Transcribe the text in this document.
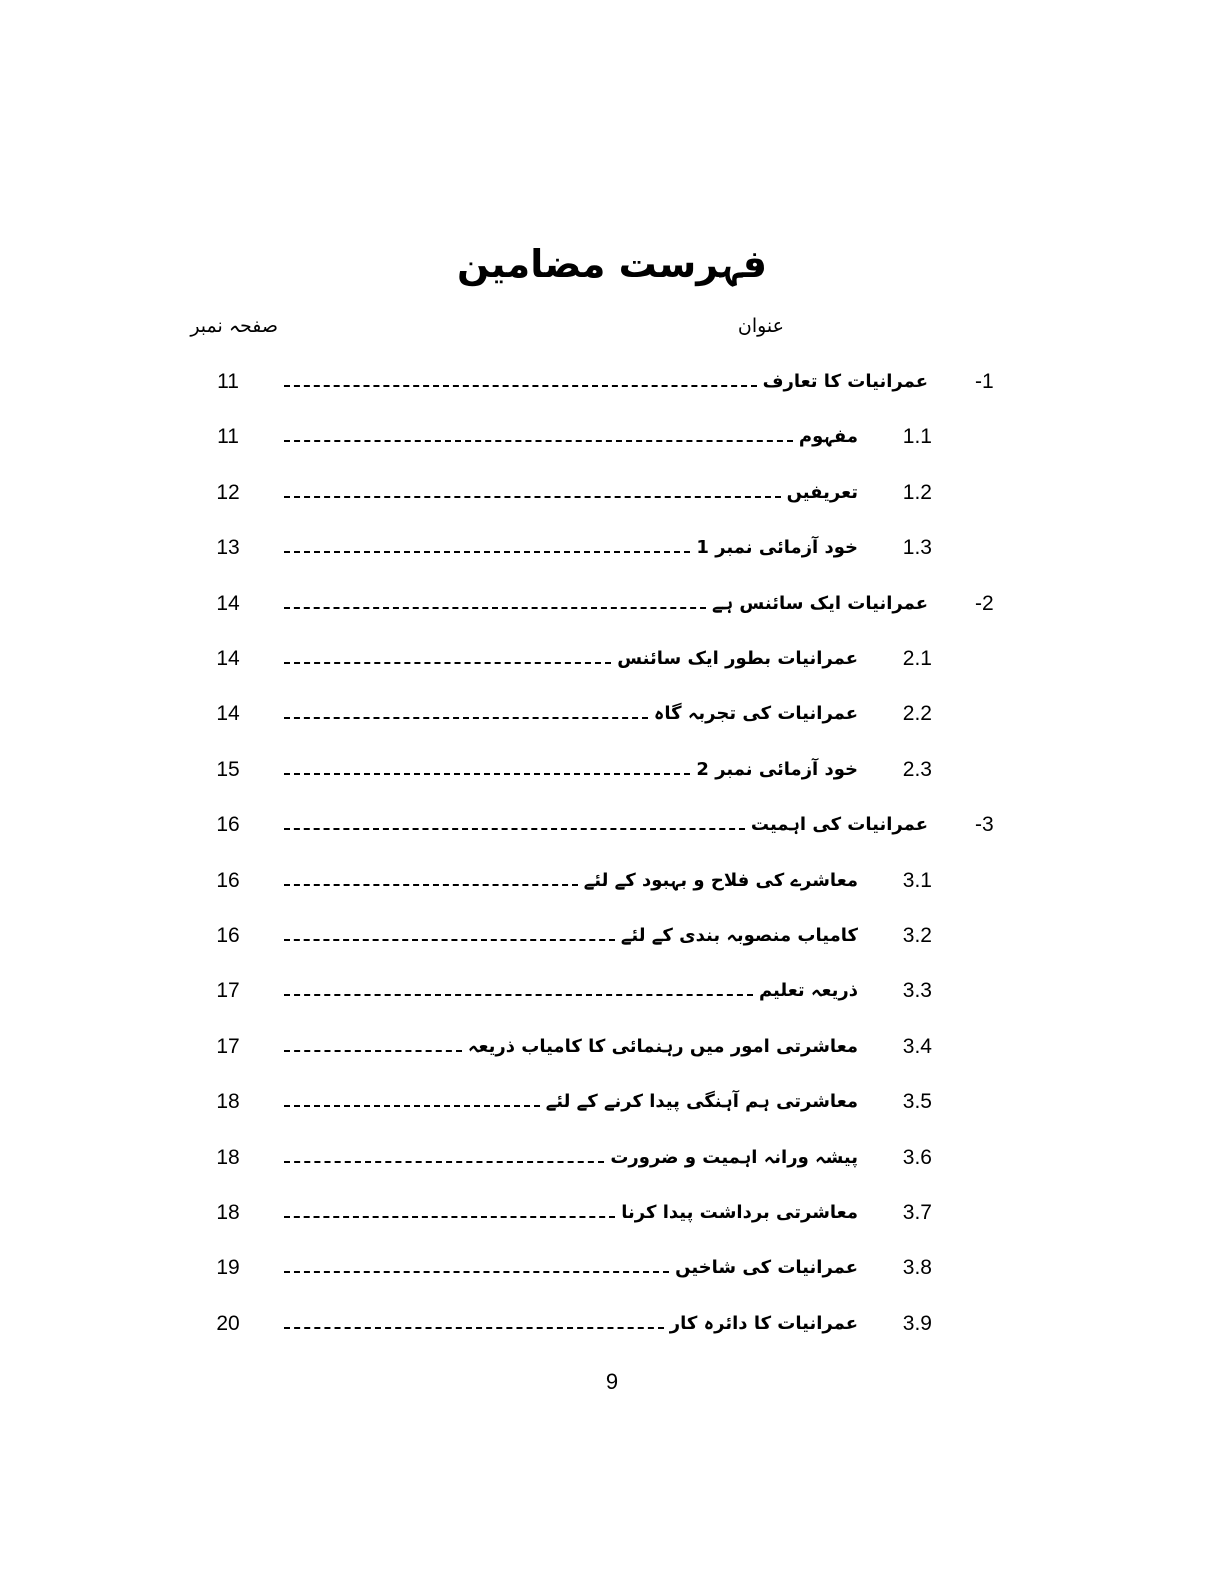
فہرست مضامین
عنوان
صفحہ نمبر
-1
عمرانیات کا تعارف
11
1.1
مفہوم
11
1.2
تعریفیں
12
1.3
خود آزمائی نمبر 1
13
-2
عمرانیات ایک سائنس ہے
14
2.1
عمرانیات بطور ایک سائنس
14
2.2
عمرانیات کی تجربہ گاہ
14
2.3
خود آزمائی نمبر 2
15
-3
عمرانیات کی اہمیت
16
3.1
معاشرے کی فلاح و بہبود کے لئے
16
3.2
کامیاب منصوبہ بندی کے لئے
16
3.3
ذریعہ تعلیم
17
3.4
معاشرتی امور میں رہنمائی کا کامیاب ذریعہ
17
3.5
معاشرتی ہم آہنگی پیدا کرنے کے لئے
18
3.6
پیشہ ورانہ اہمیت و ضرورت
18
3.7
معاشرتی برداشت پیدا کرنا
18
3.8
عمرانیات کی شاخیں
19
3.9
عمرانیات کا دائرہ کار
20
9
